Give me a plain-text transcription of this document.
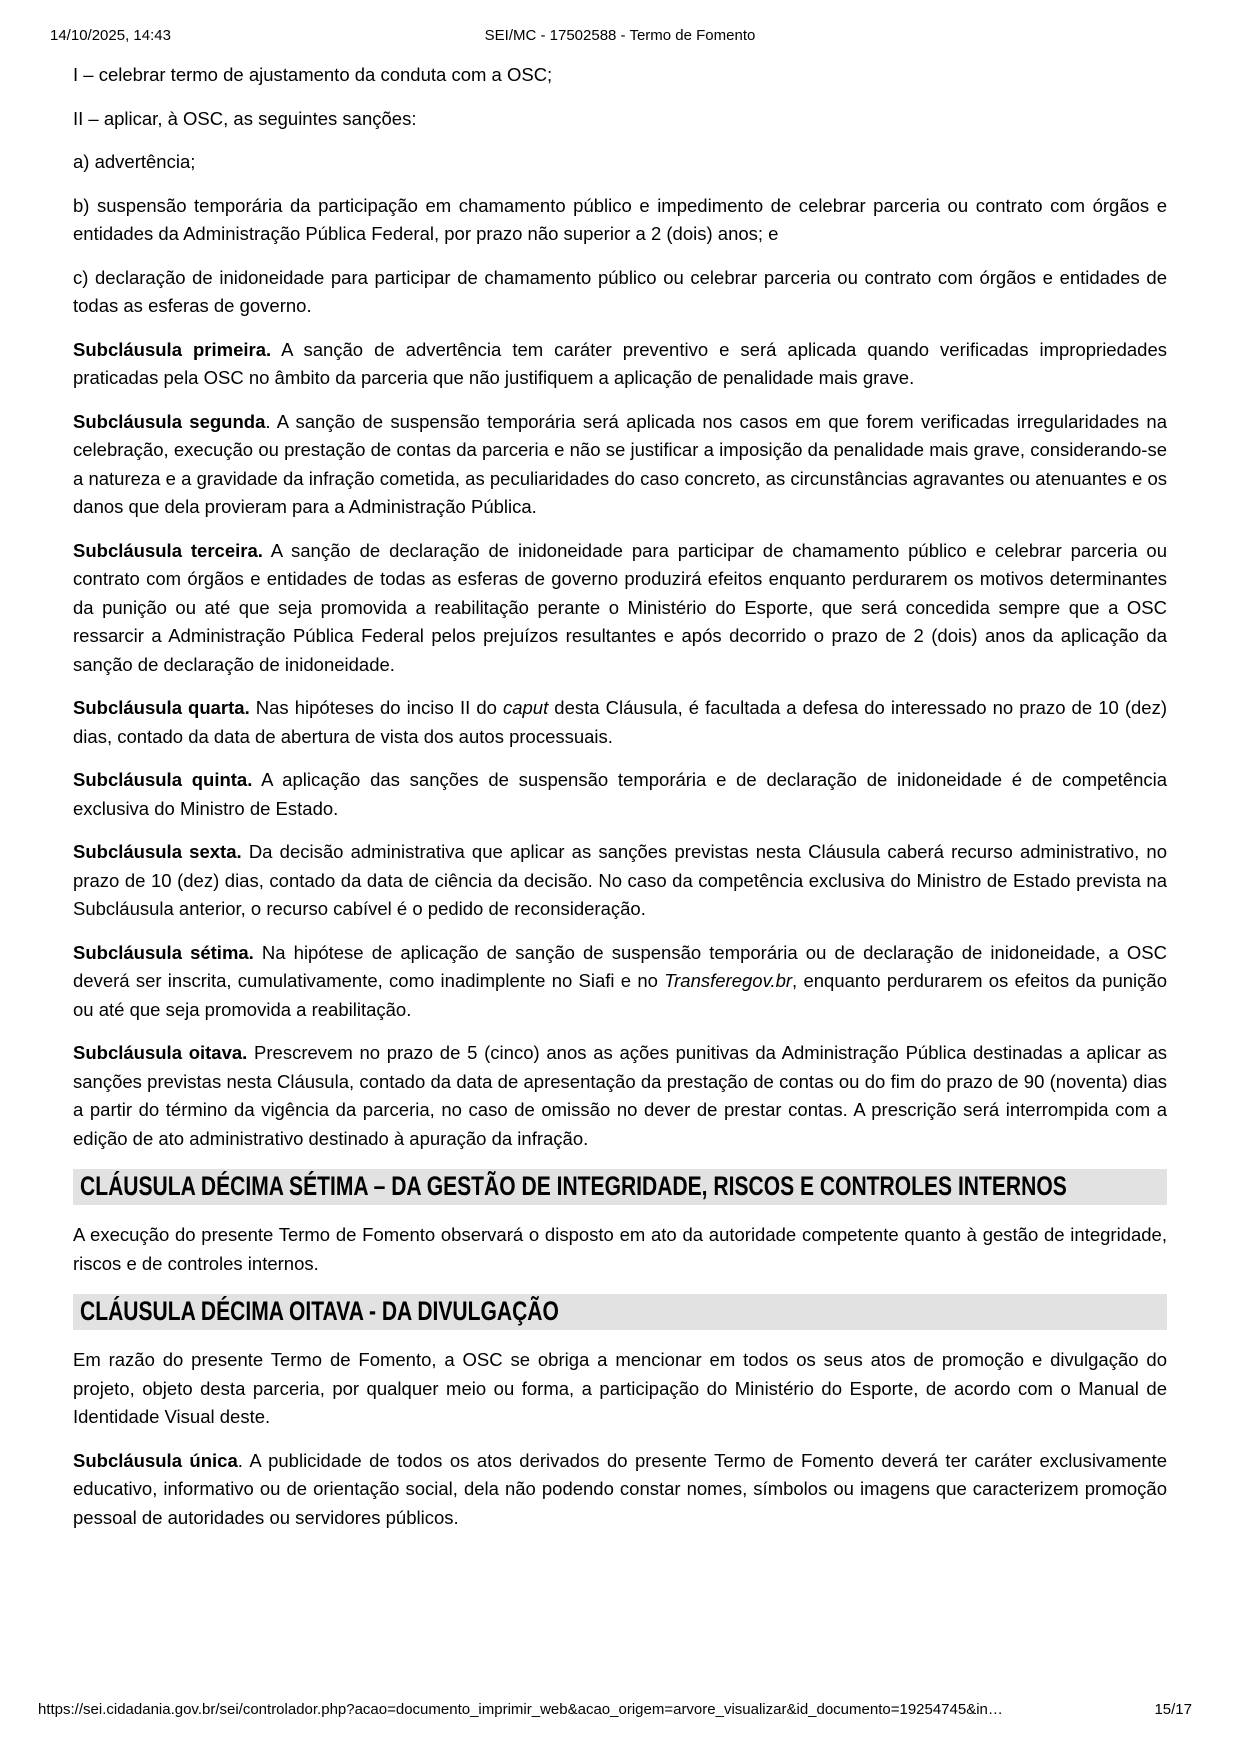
14/10/2025, 14:43	SEI/MC - 17502588 - Termo de Fomento

I – celebrar termo de ajustamento da conduta com a OSC;

II – aplicar, à OSC, as seguintes sanções:

a) advertência;

b) suspensão temporária da participação em chamamento público e impedimento de celebrar parceria ou contrato com órgãos e entidades da Administração Pública Federal, por prazo não superior a 2 (dois) anos; e

c) declaração de inidoneidade para participar de chamamento público ou celebrar parceria ou contrato com órgãos e entidades de todas as esferas de governo.

Subcláusula primeira. A sanção de advertência tem caráter preventivo e será aplicada quando verificadas impropriedades praticadas pela OSC no âmbito da parceria que não justifiquem a aplicação de penalidade mais grave.

Subcláusula segunda. A sanção de suspensão temporária será aplicada nos casos em que forem verificadas irregularidades na celebração, execução ou prestação de contas da parceria e não se justificar a imposição da penalidade mais grave, considerando-se a natureza e a gravidade da infração cometida, as peculiaridades do caso concreto, as circunstâncias agravantes ou atenuantes e os danos que dela provieram para a Administração Pública.

Subcláusula terceira. A sanção de declaração de inidoneidade para participar de chamamento público e celebrar parceria ou contrato com órgãos e entidades de todas as esferas de governo produzirá efeitos enquanto perdurarem os motivos determinantes da punição ou até que seja promovida a reabilitação perante o Ministério do Esporte, que será concedida sempre que a OSC ressarcir a Administração Pública Federal pelos prejuízos resultantes e após decorrido o prazo de 2 (dois) anos da aplicação da sanção de declaração de inidoneidade.

Subcláusula quarta. Nas hipóteses do inciso II do caput desta Cláusula, é facultada a defesa do interessado no prazo de 10 (dez) dias, contado da data de abertura de vista dos autos processuais.

Subcláusula quinta. A aplicação das sanções de suspensão temporária e de declaração de inidoneidade é de competência exclusiva do Ministro de Estado.

Subcláusula sexta. Da decisão administrativa que aplicar as sanções previstas nesta Cláusula caberá recurso administrativo, no prazo de 10 (dez) dias, contado da data de ciência da decisão. No caso da competência exclusiva do Ministro de Estado prevista na Subcláusula anterior, o recurso cabível é o pedido de reconsideração.

Subcláusula sétima. Na hipótese de aplicação de sanção de suspensão temporária ou de declaração de inidoneidade, a OSC deverá ser inscrita, cumulativamente, como inadimplente no Siafi e no Transferegov.br, enquanto perdurarem os efeitos da punição ou até que seja promovida a reabilitação.

Subcláusula oitava. Prescrevem no prazo de 5 (cinco) anos as ações punitivas da Administração Pública destinadas a aplicar as sanções previstas nesta Cláusula, contado da data de apresentação da prestação de contas ou do fim do prazo de 90 (noventa) dias a partir do término da vigência da parceria, no caso de omissão no dever de prestar contas. A prescrição será interrompida com a edição de ato administrativo destinado à apuração da infração.

CLÁUSULA DÉCIMA SÉTIMA – DA GESTÃO DE INTEGRIDADE, RISCOS E CONTROLES INTERNOS

A execução do presente Termo de Fomento observará o disposto em ato da autoridade competente quanto à gestão de integridade, riscos e de controles internos.

CLÁUSULA DÉCIMA OITAVA - DA DIVULGAÇÃO

Em razão do presente Termo de Fomento, a OSC se obriga a mencionar em todos os seus atos de promoção e divulgação do projeto, objeto desta parceria, por qualquer meio ou forma, a participação do Ministério do Esporte, de acordo com o Manual de Identidade Visual deste.

Subcláusula única. A publicidade de todos os atos derivados do presente Termo de Fomento deverá ter caráter exclusivamente educativo, informativo ou de orientação social, dela não podendo constar nomes, símbolos ou imagens que caracterizem promoção pessoal de autoridades ou servidores públicos.

https://sei.cidadania.gov.br/sei/controlador.php?acao=documento_imprimir_web&acao_origem=arvore_visualizar&id_documento=19254745&in…	15/17
